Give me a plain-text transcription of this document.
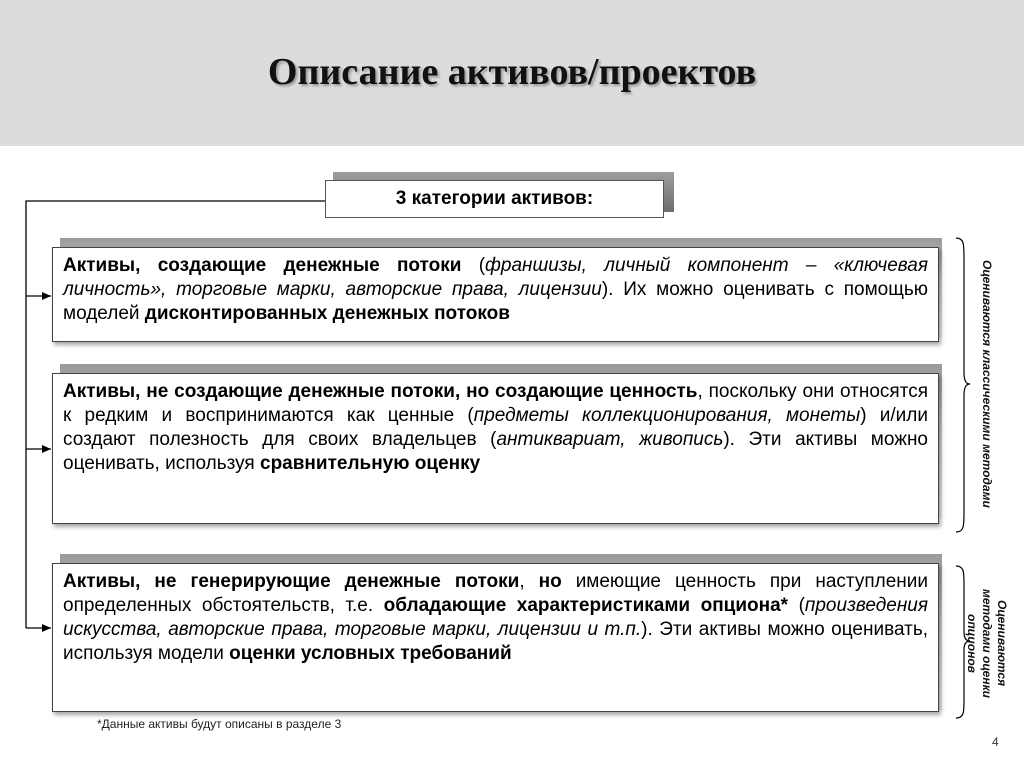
Описание активов/проектов
3 категории активов:
Активы, создающие денежные потоки (франшизы, личный компонент – «ключевая личность», торговые марки, авторские права, лицензии). Их можно оценивать с помощью моделей дисконтированных денежных потоков
Активы, не создающие денежные потоки, но создающие ценность, поскольку они относятся к редким и воспринимаются как ценные (предметы коллекционирования, монеты) и/или создают полезность для своих владельцев (антиквариат, живопись). Эти активы можно оценивать, используя сравнительную оценку
Активы, не генерирующие денежные потоки, но имеющие ценность при наступлении определенных обстоятельств, т.е. обладающие характеристиками опциона* (произведения искусства, авторские права, торговые марки, лицензии и т.п.). Эти активы можно оценивать, используя модели оценки условных требований
Оцениваются классическими методами
Оцениваются
методами оценки
опционов
*Данные активы будут описаны в разделе 3
4
